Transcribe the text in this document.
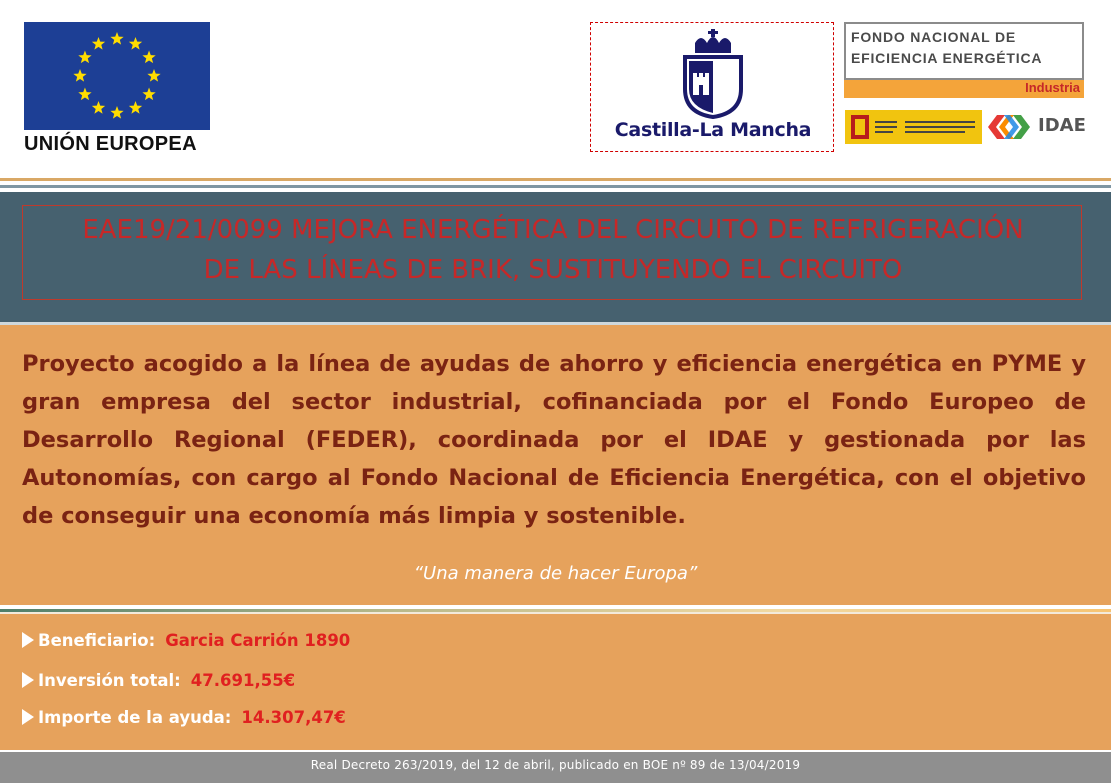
UNIÓN EUROPEA
Castilla-La Mancha
FONDO NACIONAL DE
EFICIENCIA ENERGÉTICA
Industria
IDAE
EAE19/21/0099 MEJORA ENERGÉTICA DEL CIRCUITO DE REFRIGERACIÓN
DE LAS LÍNEAS DE BRIK, SUSTITUYENDO EL CIRCUITO
Proyecto acogido a la línea de ayudas de ahorro y eficiencia energética en PYME y gran empresa del sector industrial, cofinanciada por el Fondo Europeo de Desarrollo Regional (FEDER), coordinada por el IDAE y gestionada por las Autonomías, con cargo al Fondo Nacional de Eficiencia Energética, con el objetivo de conseguir una economía más limpia y sostenible.
“Una manera de hacer Europa”
Beneficiario: Garcia Carrión 1890
Inversión total: 47.691,55€
Importe de la ayuda: 14.307,47€
Real Decreto 263/2019, del 12 de abril, publicado en BOE nº 89 de 13/04/2019
